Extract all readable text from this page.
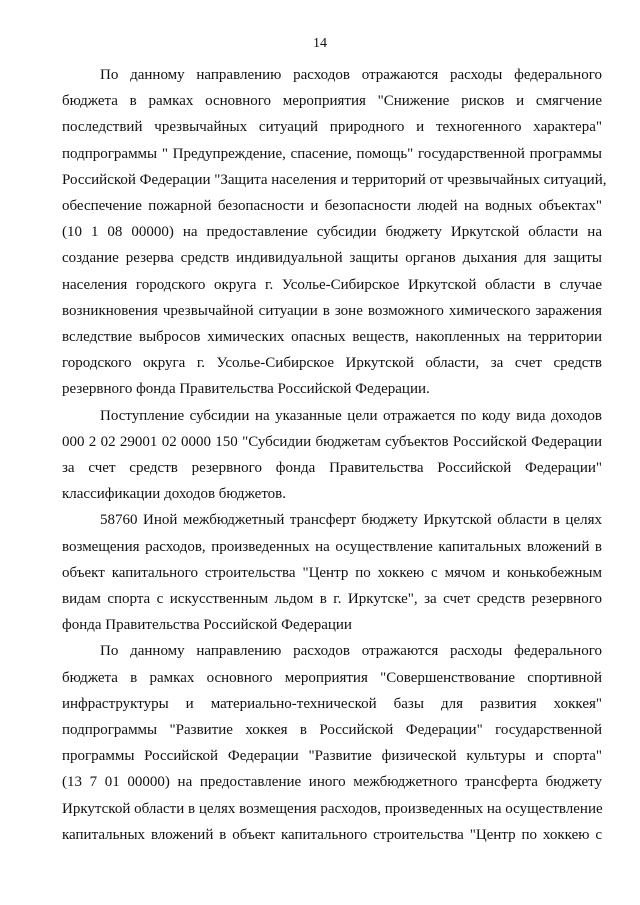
14
По данному направлению расходов отражаются расходы федерального
бюджета в рамках основного мероприятия "Снижение рисков и смягчение
последствий чрезвычайных ситуаций природного и техногенного характера"
подпрограммы " Предупреждение, спасение, помощь" государственной программы
Российской Федерации "Защита населения и территорий от чрезвычайных ситуаций,
обеспечение пожарной безопасности и безопасности людей на водных объектах"
(10 1 08 00000) на предоставление субсидии бюджету Иркутской области на
создание резерва средств индивидуальной защиты органов дыхания для защиты
населения городского округа г. Усолье-Сибирское Иркутской области в случае
возникновения чрезвычайной ситуации в зоне возможного химического заражения
вследствие выбросов химических опасных веществ, накопленных на территории
городского округа г. Усолье-Сибирское Иркутской области, за счет средств
резервного фонда Правительства Российской Федерации.
Поступление субсидии на указанные цели отражается по коду вида доходов
000 2 02 29001 02 0000 150 "Субсидии бюджетам субъектов Российской Федерации
за счет средств резервного фонда Правительства Российской Федерации"
классификации доходов бюджетов.
58760 Иной межбюджетный трансферт бюджету Иркутской области в целях
возмещения расходов, произведенных на осуществление капитальных вложений в
объект капитального строительства "Центр по хоккею с мячом и конькобежным
видам спорта с искусственным льдом в г. Иркутске", за счет средств резервного
фонда Правительства Российской Федерации
По данному направлению расходов отражаются расходы федерального
бюджета в рамках основного мероприятия "Совершенствование спортивной
инфраструктуры и материально-технической базы для развития хоккея"
подпрограммы "Развитие хоккея в Российской Федерации" государственной
программы Российской Федерации "Развитие физической культуры и спорта"
(13 7 01 00000) на предоставление иного межбюджетного трансферта бюджету
Иркутской области в целях возмещения расходов, произведенных на осуществление
капитальных вложений в объект капитального строительства "Центр по хоккею с
